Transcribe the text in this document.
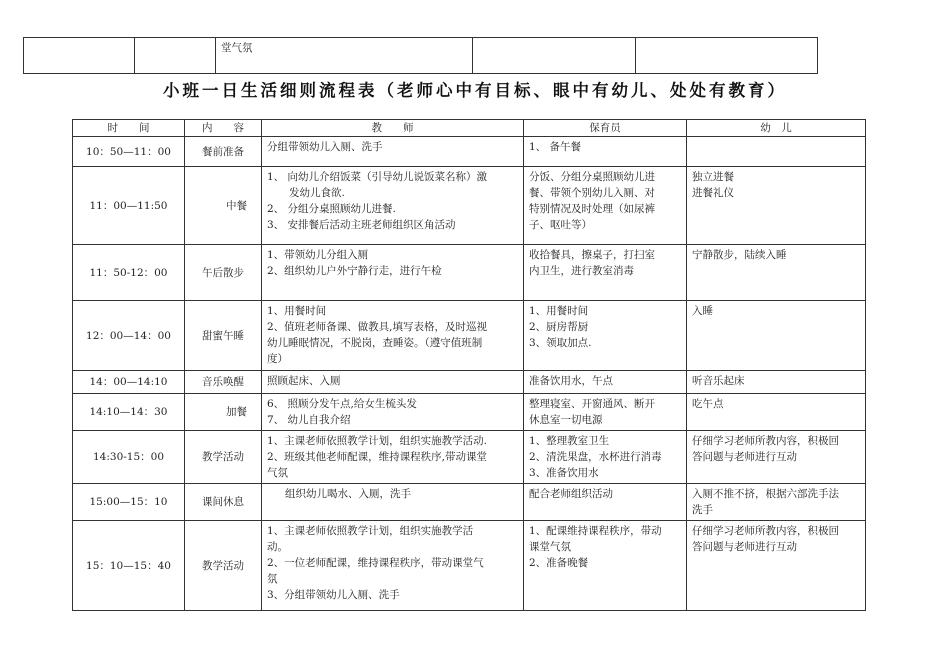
		堂气氛		
小班一日生活细则流程表（老师心中有目标、眼中有幼儿、处处有教育）
时　　间	内　　容	教　　师	保育员	幼　儿
10：50—11：00	餐前准备	分组带领幼儿入厕、洗手	1、 备午餐	

11：00—11:50	中餐	1、 向幼儿介绍饭菜（引导幼儿说饭菜名称）激
发幼儿食欲.
2、 分组分桌照顾幼儿进餐.
3、 安排餐后活动主班老师组织区角活动	分饭、分组分桌照顾幼儿进
餐、带领个别幼儿入厕、对
特别情况及时处理（如尿裤
子、呕吐等）	独立进餐
进餐礼仪

11：50-12：00	午后散步	1、带领幼儿分组入厕
2、组织幼儿户外宁静行走，进行午检	收拾餐具，擦桌子，打扫室
内卫生，进行教室消毒	宁静散步，陆续入睡

12：00—14：00	甜蜜午睡	1、用餐时间
2、值班老师备课、做教具,填写表格，及时巡视
幼儿睡眠情况，不脱岗，查睡姿。（遵守值班制
度）	1、用餐时间
2、厨房帮厨
3、领取加点.	入睡

14：00—14:10	音乐唤醒	照顾起床、入厕	准备饮用水，午点	听音乐起床

14:10—14：30	加餐	6、 照顾分发午点,给女生梳头发
7、 幼儿自我介绍	整理寝室、开窗通风、断开
休息室一切电源	吃午点

14:30-15：00	教学活动	1、主课老师依照教学计划，组织实施教学活动.
2、班级其他老师配课，维持课程秩序,带动课堂
气氛	1、整理教室卫生
2、清洗果盘，水杯进行消毒
3、准备饮用水	仔细学习老师所教内容，积极回
答问题与老师进行互动

15:00—15：10	课间休息	组织幼儿喝水、入厕，洗手	配合老师组织活动	入厕不推不挤，根据六部洗手法
洗手

15：10—15：40	教学活动	1、主课老师依照教学计划，组织实施教学活
动。
2、一位老师配课，维持课程秩序，带动课堂气
氛
3、分组带领幼儿入厕、洗手	1、配课维持课程秩序，带动
课堂气氛
2、准备晚餐	仔细学习老师所教内容，积极回
答问题与老师进行互动
